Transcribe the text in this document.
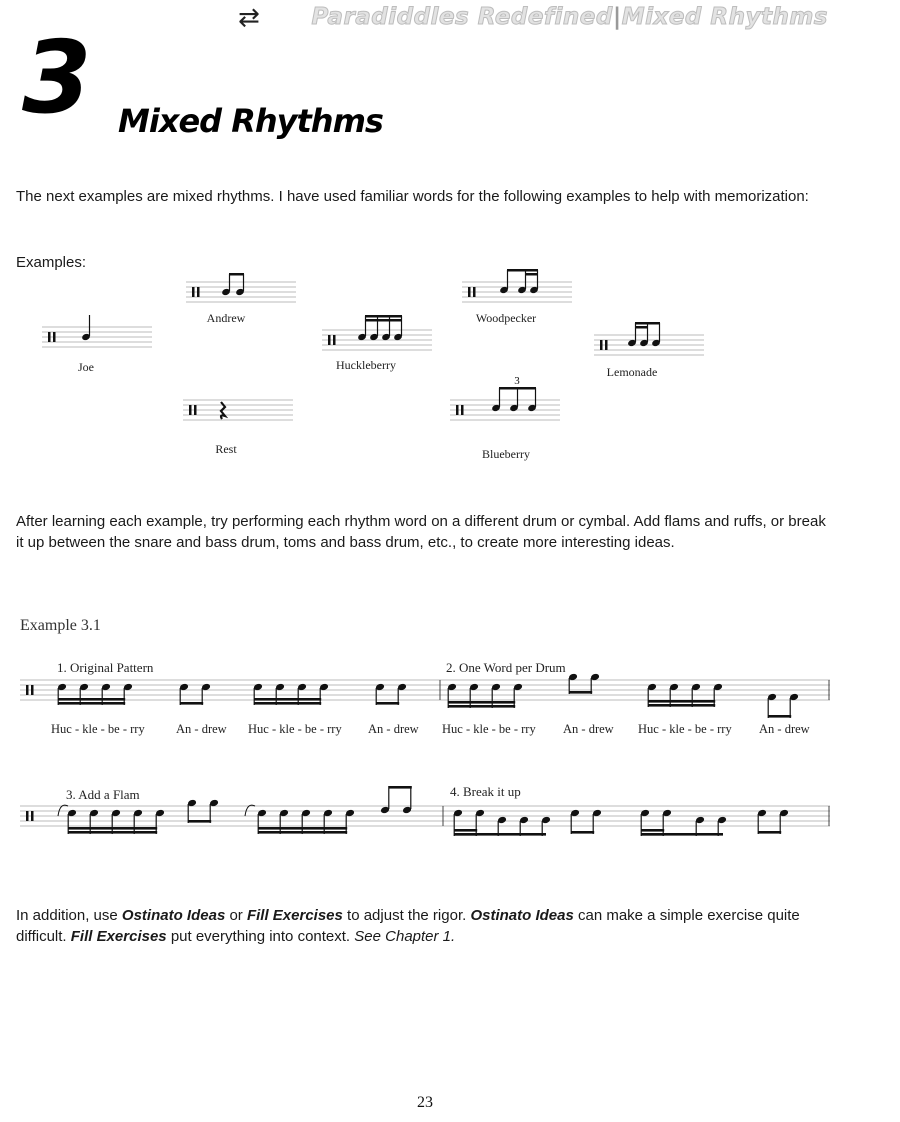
⇄ Paradiddles Redefined|Mixed Rhythms
3 Mixed Rhythms
The next examples are mixed rhythms. I have used familiar words for the following examples to help with memorization:
Examples:
3
Joe
Andrew
Rest
Huckleberry
Woodpecker
Blueberry
Lemonade
After learning each example, try performing each rhythm word on a different drum or cymbal. Add flams and ruffs, or break it up between the snare and bass drum, toms and bass drum, etc., to create more interesting ideas.
Example 3.1
1. Original Pattern	2. One Word per Drum
3. Add a Flam	4. Break it up
Huc - kle - be - rry	An - drew Huc - kle - be - rry An - drew Huc - kle - be - rry An - drew Huc - kle - be - rry An - drew
In addition, use Ostinato Ideas or Fill Exercises to adjust the rigor. Ostinato Ideas can make a simple exercise quite difficult. Fill Exercises put everything into context. See Chapter 1.
23
